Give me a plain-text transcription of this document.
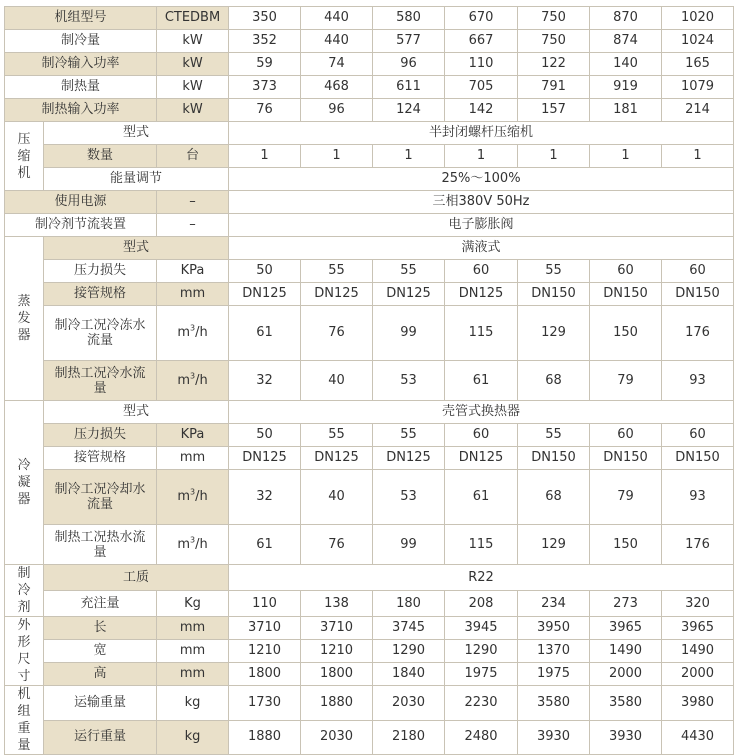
机组型号		CTEDBM	350	440	580	670	750	870	1020
制冷量		kW	352	440	577	667	750	874	1024
制冷输入功率		kW	59	74	96	110	122	140	165
制热量		kW	373	468	611	705	791	919	1079
制热输入功率		kW	76	96	124	142	157	181	214
压缩机	型式		半封闭螺杆压缩机						
	数量	台	1	1	1	1	1	1	1
	能量调节		25%～100%						
使用电源		–	三相380V 50Hz						
制冷剂节流装置		–	电子膨胀阀						
蒸发器	型式		满液式						
	压力损失	KPa	50	55	55	60	55	60	60
	接管规格	mm	DN125	DN125	DN125	DN125	DN150	DN150	DN150
	制冷工况冷冻水流量	$m^3/h$	61	76	99	115	129	150	176
	制热工况冷水流量	$m^3/h$	32	40	53	61	68	79	93
冷凝器	型式		壳管式换热器						
	压力损失	KPa	50	55	55	60	55	60	60
	接管规格	mm	DN125	DN125	DN125	DN125	DN150	DN150	DN150
	制冷工况冷却水流量	$m^3/h$	32	40	53	61	68	79	93
	制热工况热水流量	$m^3/h$	61	76	99	115	129	150	176
制冷剂	工质		R22						
	充注量	Kg	110	138	180	208	234	273	320
外形尺寸	长	mm	3710	3710	3745	3945	3950	3965	3965
	宽	mm	1210	1210	1290	1290	1370	1490	1490
	高	mm	1800	1800	1840	1975	1975	2000	2000
机组重量	运输重量	kg	1730	1880	2030	2230	3580	3580	3980
	运行重量	kg	1880	2030	2180	2480	3930	3930	4430
